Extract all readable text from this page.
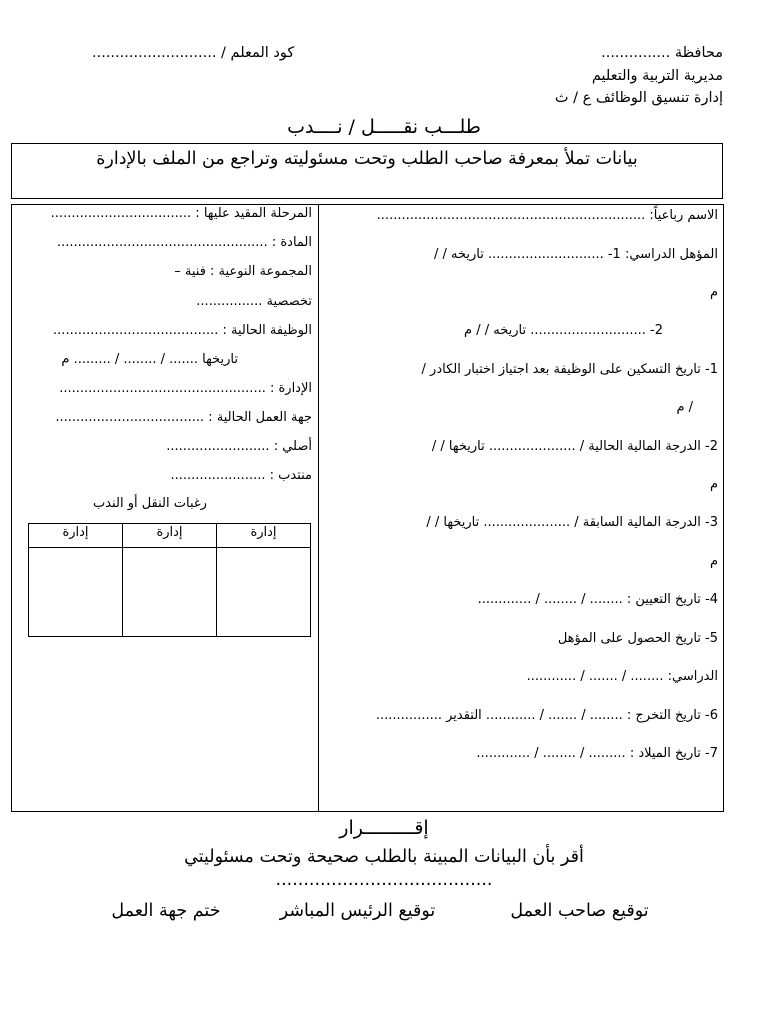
محافظة ...............
كود المعلم / ...........................
مديرية التربية والتعليم
إدارة تنسيق الوظائف ع / ث
طلـــب نقـــــل / نــــدب
بيانات تملأ بمعرفة صاحب الطلب وتحت مسئوليته وتراجع من الملف بالإدارة
الاسم رباعياً: .................................................................
المؤهل الدراسي: 1- ............................ تاريخه / /
م
2- ............................ تاريخه / / م
1- تاريخ التسكين على الوظيفة بعد اجتياز اختبار الكادر /
/ م
2- الدرجة المالية الحالية / ..................... تاريخها / /
م
3- الدرجة المالية السابقة / ..................... تاريخها / /
م
4- تاريخ التعيين : ........ / ........ / .............
5- تاريخ الحصول على المؤهل
الدراسي: ........ / ....... / ............
6- تاريخ التخرج : ........ / ....... / ............ التقدير ................
7- تاريخ الميلاد : ......... / ........ / .............
المرحلة المقيد عليها : ..................................
المادة : ...................................................
المجموعة النوعية : فنية –
تخصصية ................
الوظيفة الحالية : ........................................
تاريخها ....... / ........ / ......... م
الإدارة : ..................................................
جهة العمل الحالية : ....................................
أصلي : .........................
منتدب : .......................
رغبات النقل أو الندب
إدارة	إدارة	إدارة

إقـــــــــرار
أقر بأن البيانات المبينة بالطلب صحيحة وتحت مسئوليتي .......................................
توقيع صاحب العمل  توقيع الرئيس المباشر  ختم جهة العمل
